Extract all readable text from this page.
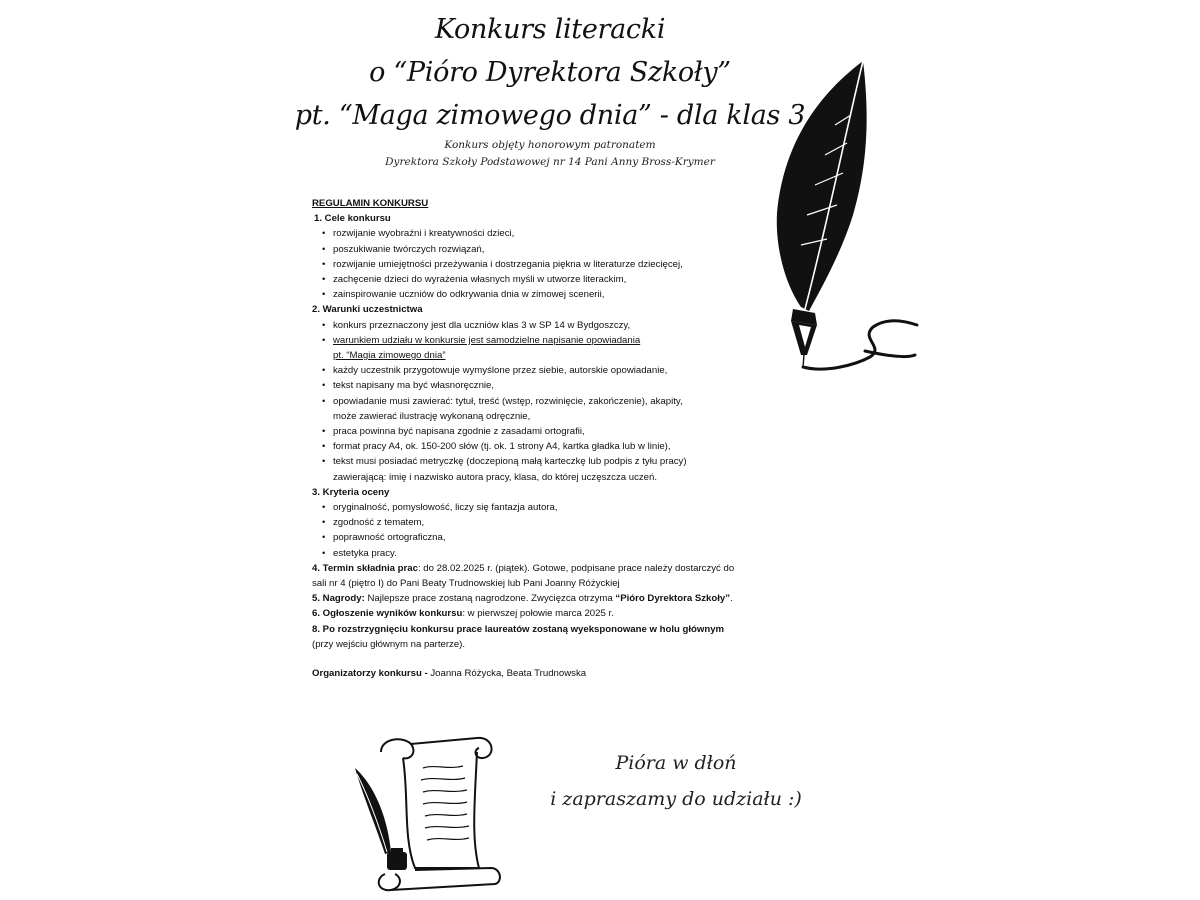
Konkurs literacki
o “Pióro Dyrektora Szkoły”
pt. “Maga zimowego dnia” - dla klas 3
Konkurs objęty honorowym patronatem
Dyrektora Szkoły Podstawowej nr 14 Pani Anny Bross-Krymer
REGULAMIN KONKURSU
1. Cele konkursu
• rozwijanie wyobraźni i kreatywności dzieci,
• poszukiwanie twórczych rozwiązań,
• rozwijanie umiejętności przeżywania i dostrzegania piękna w literaturze dziecięcej,
• zachęcenie dzieci do wyrażenia własnych myśli w utworze literackim,
• zainspirowanie uczniów do odkrywania dnia w zimowej scenerii,
2. Warunki uczestnictwa
• konkurs przeznaczony jest dla uczniów klas 3 w SP 14 w Bydgoszczy,
• warunkiem udziału w konkursie jest samodzielne napisanie opowiadania
pt. “Magia zimowego dnia”
• każdy uczestnik przygotowuje wymyślone przez siebie, autorskie opowiadanie,
• tekst napisany ma być własnoręcznie,
• opowiadanie musi zawierać: tytuł, treść (wstęp, rozwinięcie, zakończenie), akapity,
może zawierać ilustrację wykonaną odręcznie,
• praca powinna być napisana zgodnie z zasadami ortografii,
• format pracy A4, ok. 150-200 słów (tj. ok. 1 strony A4, kartka gładka lub w linie),
• tekst musi posiadać metryczkę (doczepioną małą karteczkę lub podpis z tyłu pracy)
zawierającą: imię i nazwisko autora pracy, klasa, do której uczęszcza uczeń.
3. Kryteria oceny
• oryginalność, pomysłowość, liczy się fantazja autora,
• zgodność z tematem,
• poprawność ortograficzna,
• estetyka pracy.
4. Termin składnia prac: do 28.02.2025 r. (piątek). Gotowe, podpisane prace należy dostarczyć do
sali nr 4 (piętro I) do Pani Beaty Trudnowskiej lub Pani Joanny Różyckiej
5. Nagrody: Najlepsze prace zostaną nagrodzone. Zwycięzca otrzyma “Pióro Dyrektora Szkoły”.
6. Ogłoszenie wyników konkursu: w pierwszej połowie marca 2025 r.
8. Po rozstrzygnięciu konkursu prace laureatów zostaną wyeksponowane w holu głównym
(przy wejściu głównym na parterze).
Organizatorzy konkursu - Joanna Różycka, Beata Trudnowska
Pióra w dłoń
i zapraszamy do udziału :)
